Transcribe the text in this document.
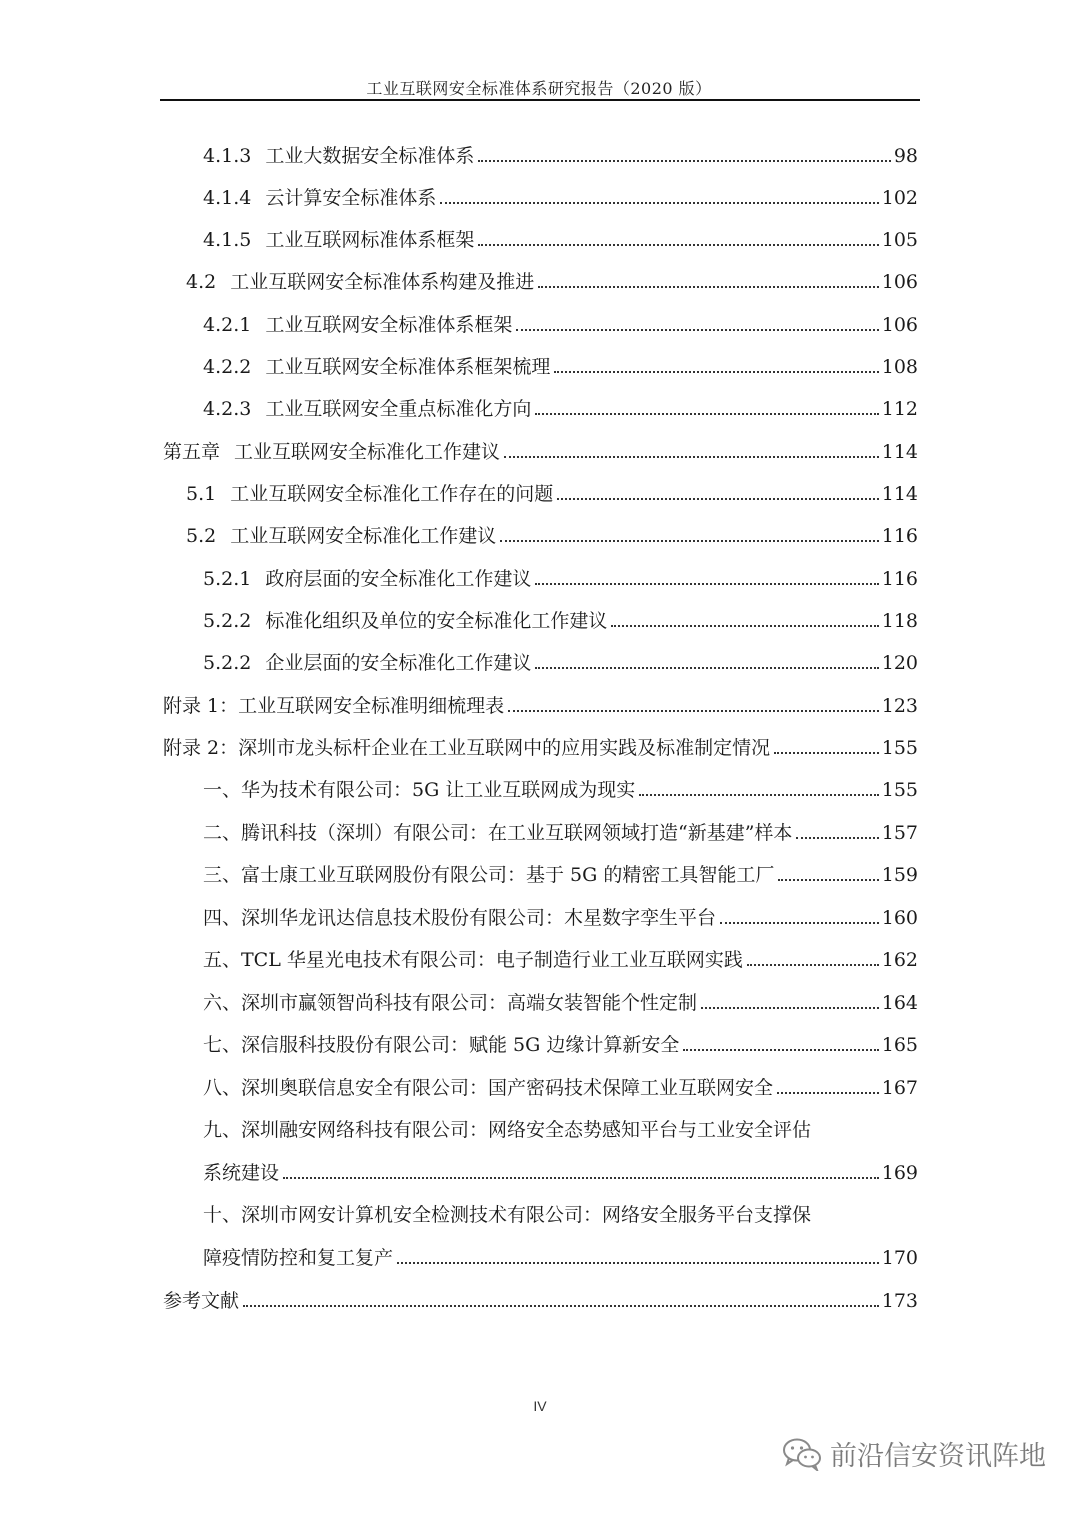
工业互联网安全标准体系研究报告（2020 版）
4.1.3 工业大数据安全标准体系	98
4.1.4 云计算安全标准体系	102
4.1.5 工业互联网标准体系框架	105
4.2 工业互联网安全标准体系构建及推进	106
4.2.1 工业互联网安全标准体系框架	106
4.2.2 工业互联网安全标准体系框架梳理	108
4.2.3 工业互联网安全重点标准化方向	112
第五章 工业互联网安全标准化工作建议	114
5.1 工业互联网安全标准化工作存在的问题	114
5.2 工业互联网安全标准化工作建议	116
5.2.1 政府层面的安全标准化工作建议	116
5.2.2 标准化组织及单位的安全标准化工作建议	118
5.2.2 企业层面的安全标准化工作建议	120
附录 1：工业互联网安全标准明细梳理表	123
附录 2：深圳市龙头标杆企业在工业互联网中的应用实践及标准制定情况	155
一、华为技术有限公司：5G 让工业互联网成为现实	155
二、腾讯科技（深圳）有限公司：在工业互联网领域打造“新基建”样本	157
三、富士康工业互联网股份有限公司：基于 5G 的精密工具智能工厂	159
四、深圳华龙讯达信息技术股份有限公司：木星数字孪生平台	160
五、TCL 华星光电技术有限公司：电子制造行业工业互联网实践	162
六、深圳市赢领智尚科技有限公司：高端女装智能个性定制	164
七、深信服科技股份有限公司：赋能 5G 边缘计算新安全	165
八、深圳奥联信息安全有限公司：国产密码技术保障工业互联网安全	167
九、深圳融安网络科技有限公司：网络安全态势感知平台与工业安全评估
系统建设	169
十、深圳市网安计算机安全检测技术有限公司：网络安全服务平台支撑保
障疫情防控和复工复产	170
参考文献	173
IV
前沿信安资讯阵地
